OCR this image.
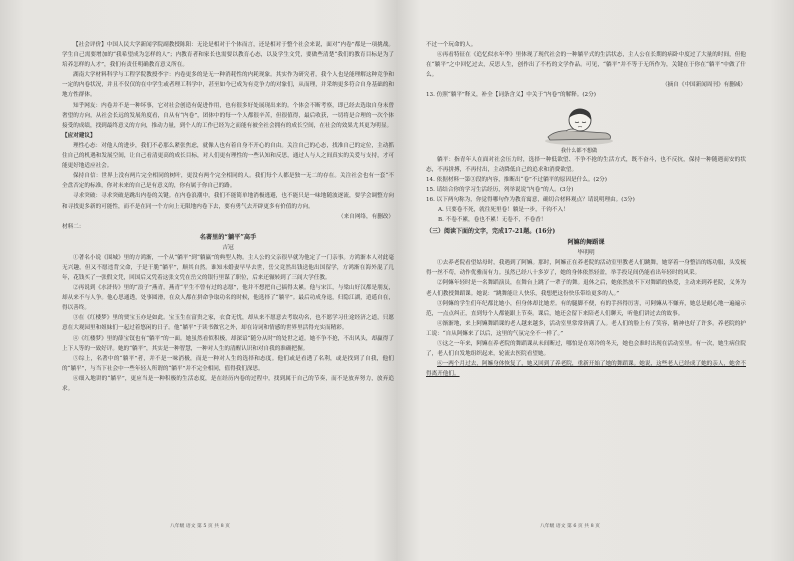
【社会评价】中国人民大学新闻学院副教授陈阳：无论是相对于个体而言，还是相对于整个社会来说，面对“内卷”都是一项挑战。学生自己需要增加的“我希望成为怎样的人”；内教育者和家长也需要以教育心态，以及学生文凭，要做些清楚“我们的教育目标是为了培养怎样的人才”，我们有责任明确教育意义所在。

湖南大学材料科学与工程学院教授李宇：内卷更多的是无一种消耗性的内耗现象。其实作为研究者，我个人也是能理解这种竞争和一定的内卷状况，并且不仅仅的在中学生或者理工科学中，甚至如今已成为有竞争力的对象们，从而理，并采纳更多符合自身基础的和地方性群体。

知乎网友：内卷并不是一种坏事，它对社会创造有促进作用，也有很多好处展现出来的。个体会不断考察，即已经去选取自身未曾奢望的方向，从社会长远的发展角度看，自从有“内卷”，团体中的每一个人都很辛苦，但很值得，最后收获，一切将是合理的一次个体接受的成绩，找到最终意义的方向，推动力量，到个人的工作已经为之而能有被全社会拥有的成长空间，在社会的效果尤其更为明显。

【应对建议】

理性心态：对他人的进步，我们不必那么紧张焦虑，就像人也有着自身不开心的自由。关注自己的心态，找准自己的定位，主动抓住自己的机遇和发展空间，让自己看清更高的成长目标，对人们更有理性的一些认知和反思，通过人与人之间真实的关爱与支持，才可能更好地适应社会。

保持自信：世界上没有两片完全相同的树叶，更没有两个完全相同的人。我们每个人都是独一无二的存在。关注社会也有一套“不全盘否定的标准，你对未来的自己是有意义的，你有属于你自己的路。

寻求突破：寻求突破是跳出内卷的关键。在内卷浪潮中，我们不能简单地消极逃避，也不能只是一味地随波逐流，要学会调整方向和寻找更多新的可能性，而不是在同一个方向上无限地内卷下去，要有勇气去开辟更多有价值的方向。

（来自网络，有删改）

材料二：

名著里的“躺平”高手

吉冠

①著名小说《围城》里的方鸿渐，一个从“躺平”到“躺赢”的典型人物。主人公的父亲很早就为他定了一门亲事。方鸿渐本人对此毫无兴趣，但又不愿违背父命，于是干脆“躺平”，顺其自然。谁知未婚妻早早去世，岳父竟然出钱送他出国留学，方鸿渐在海外混了几年，花钱买了一张假文凭，回国后又凭着这张文凭在岳父的银行里谋了职位，后来还辗转到了三闾大学任教。

②再说到《水浒传》里的“浪子”燕青，燕青“平生不曾有过的志愿”，他并不想把自己搞得太累。他与宋江，与梁山好汉都是朋友，却从来不与人争。他心思通透，处事圆滑，在众人都在拼命争取功名的时候，他选择了“躺平”。最后功成身退，归隐江湖，逍遥自在，得以善终。

③在《红楼梦》里的贾宝玉亦是如此。宝玉生在富贵之家，衣食无忧，却从来不愿意去考取功名，也不愿学习仕途经济之道，只愿意在大观园里和姐妹们一起过着悠闲的日子。他“躺平”于读书做官之外，却在诗词和情感的世界里活得充实而精彩。

④《红楼梦》里的薛宝钗也有“躺平”的一面。她虽然看似积极，却深谙“随分从时”的处世之道。她不争不抢，不出风头，却赢得了上下人等的一致好评。她的“躺平”，其实是一种智慧，一种对人生的清醒认识和对自我的准确把握。

⑤综上，名著中的“躺平”者，并不是一味消极，而是一种对人生的选择和态度。他们或是看透了名利，或是找到了自我，他们的“躺平”，与当下社会中一些年轻人所谓的“躺平”并不完全相同，值得我们深思。

⑥细入地讲的“躺平”，更应当是一种积极的生活态度，是在经历内卷的过程中，找到属于自己的节奏，而不是放弃努力，放弃追求。

八年级 语文 第 5 页 共 8 页

不过一个玩命的人。

⑥再看特征在《追忆似水年华》里体现了现代社会的一种躺平式的生活状态，主人公在长期的病卧中度过了大量的时间，但他在“躺平”之中回忆过去，反思人生，创作出了不朽的文学作品。可见，“躺平”并不等于无所作为，关键在于你在“躺平”中做了什么。

（摘自《中国新闻周刊》有删减）

13. 仿照“躺平”释义，补全【词条含义】中关于“内卷”的解释。(2分)

我什么都不想做

躺平：指青年人在面对社会压力时，选择一种低欲望、不争不抢的生活方式，既不奋斗，也不反抗，保持一种随遇而安的状态，不再拼搏，不再付出，主动降低自己的追求和消费欲望。

14. 依据材料一第③段的内容，推断出“卷”不过躺平的原因是什么。(2分)

15. 请结合你的学习生活经历，列举说说“内卷”的人。(3分)

16. 以下两句称为，你觉得哪句作为教育寓意，确切合材料观点？请说明理由。(3分)

A. 只要卷不死，就往死里卷！躺是一步，千钧不入！

B. 不卷不累，卷也不累！无卷不，不卷香！

（三）阅读下面的文字，完成17-21题。(16分)

阿嫲的舞蹈课

毕明明

①去养老院看望姑母时，我遇到了阿嫲。那时，阿嫲正在养老院的活动室里教老人们跳舞，她穿着一身整洁的练功服，头发梳得一丝不苟，动作优雅而有力。虽然已经八十多岁了，她的身体依然轻盈，举手投足间仍能看出年轻时的风采。

②阿嫲年轻时是一名舞蹈演员，在舞台上跳了一辈子的舞。退休之后，她依然放不下对舞蹈的热爱，主动来到养老院，义务为老人们教授舞蹈课。她说：“跳舞能让人快乐，我想把这份快乐带给更多的人。”

③阿嫲的学生们年纪都比她小，但身体却比她差。有的腿脚不便，有的手抖得厉害，可阿嫲从不嫌弃，她总是耐心地一遍遍示范，一点点纠正，直到每个人都能跟上节奏。课后，她还会留下来陪老人们聊天，听他们讲过去的故事。

④渐渐地，来上阿嫲舞蹈课的老人越来越多，活动室里常常挤满了人。老人们的脸上有了笑容，精神也好了许多。养老院的护工说：“自从阿嫲来了以后，这里的气氛完全不一样了。”

⑤这之一年来，阿嫲在养老院的舞蹈课从未间断过，哪怕是在寒冷的冬天，她也会准时出现在活动室里。有一次，她生病住院了，老人们自发地组织起来，轮流去医院看望她。

⑥一两个月过去，阿嫲身体恢复了，她又回到了养老院，重新开始了她的舞蹈课。她说，这些老人已经成了她的亲人，她舍不得离开他们。

八年级 语文 第 6 页 共 8 页
